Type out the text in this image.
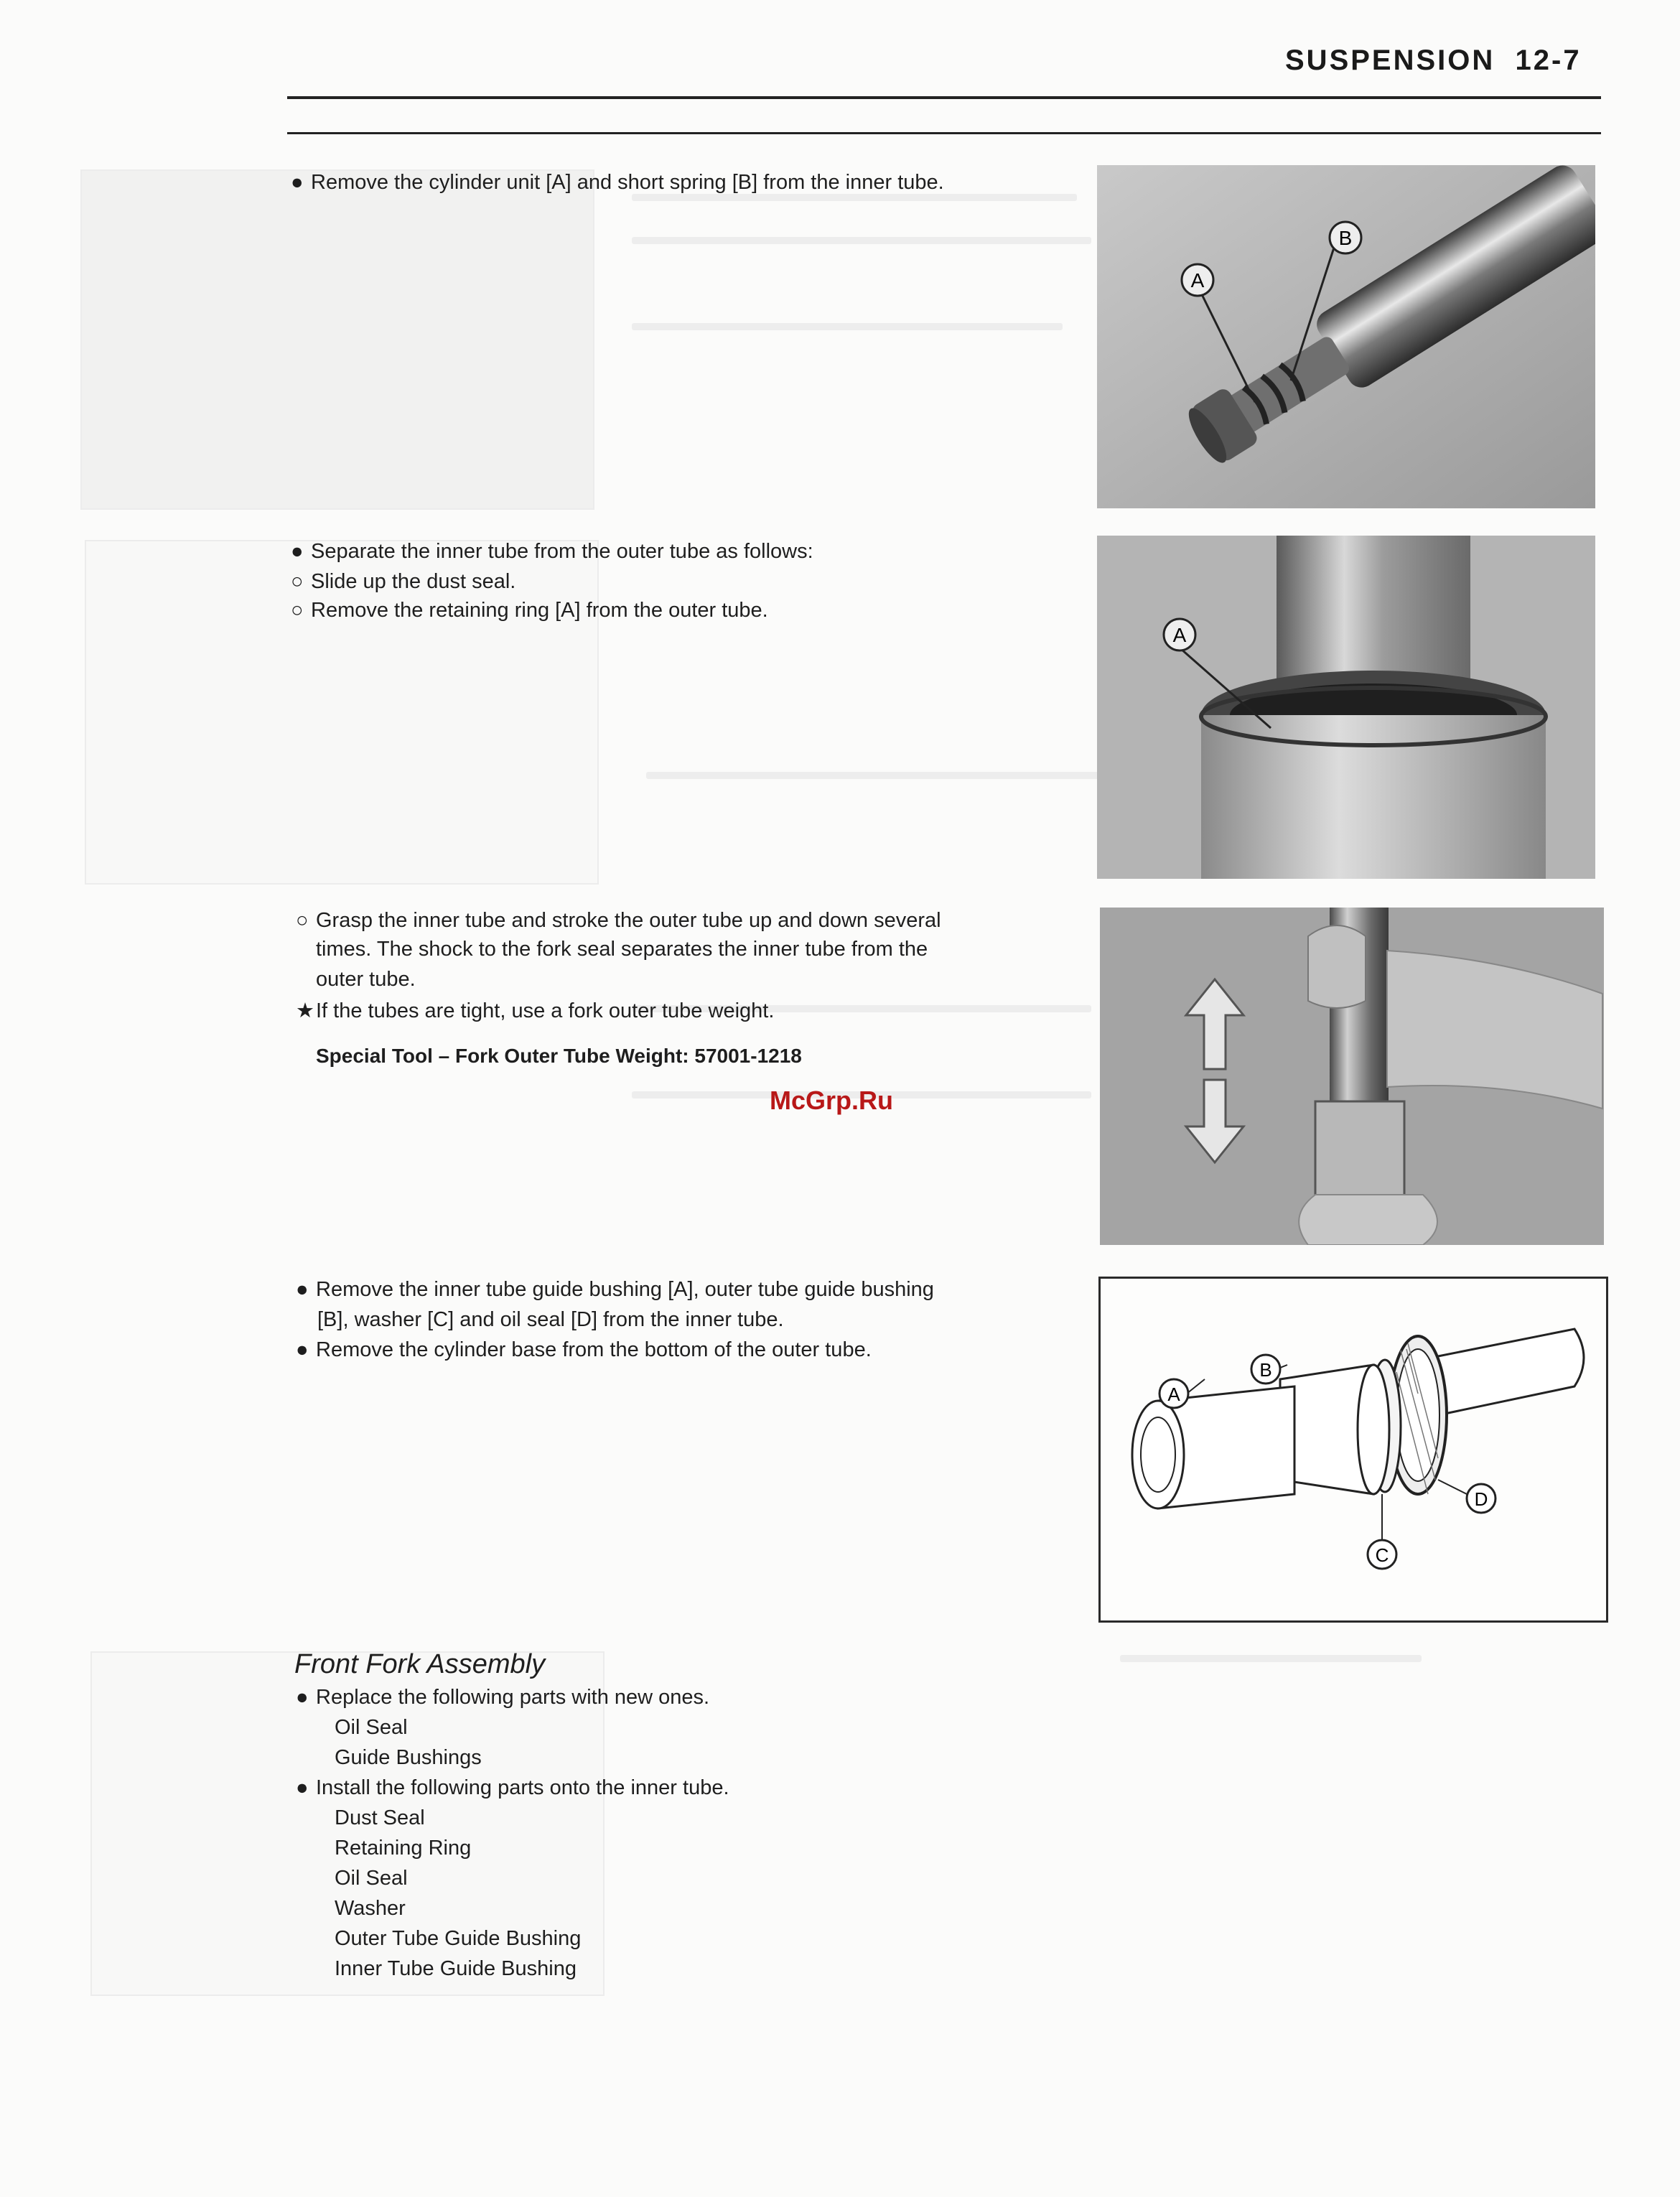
SUSPENSION 12-7
● Remove the cylinder unit [A] and short spring [B] from the inner tube.
A
B
● Separate the inner tube from the outer tube as follows:
○ Slide up the dust seal.
○ Remove the retaining ring [A] from the outer tube.
A
○ Grasp the inner tube and stroke the outer tube up and down several
times. The shock to the fork seal separates the inner tube from the
outer tube.
★If the tubes are tight, use a fork outer tube weight.
Special Tool – Fork Outer Tube Weight: 57001-1218
McGrp.Ru
● Remove the inner tube guide bushing [A], outer tube guide bushing
[B], washer [C] and oil seal [D] from the inner tube.
● Remove the cylinder base from the bottom of the outer tube.
A
B
C
D
Front Fork Assembly
● Replace the following parts with new ones.
Oil Seal
Guide Bushings
● Install the following parts onto the inner tube.
Dust Seal
Retaining Ring
Oil Seal
Washer
Outer Tube Guide Bushing
Inner Tube Guide Bushing
